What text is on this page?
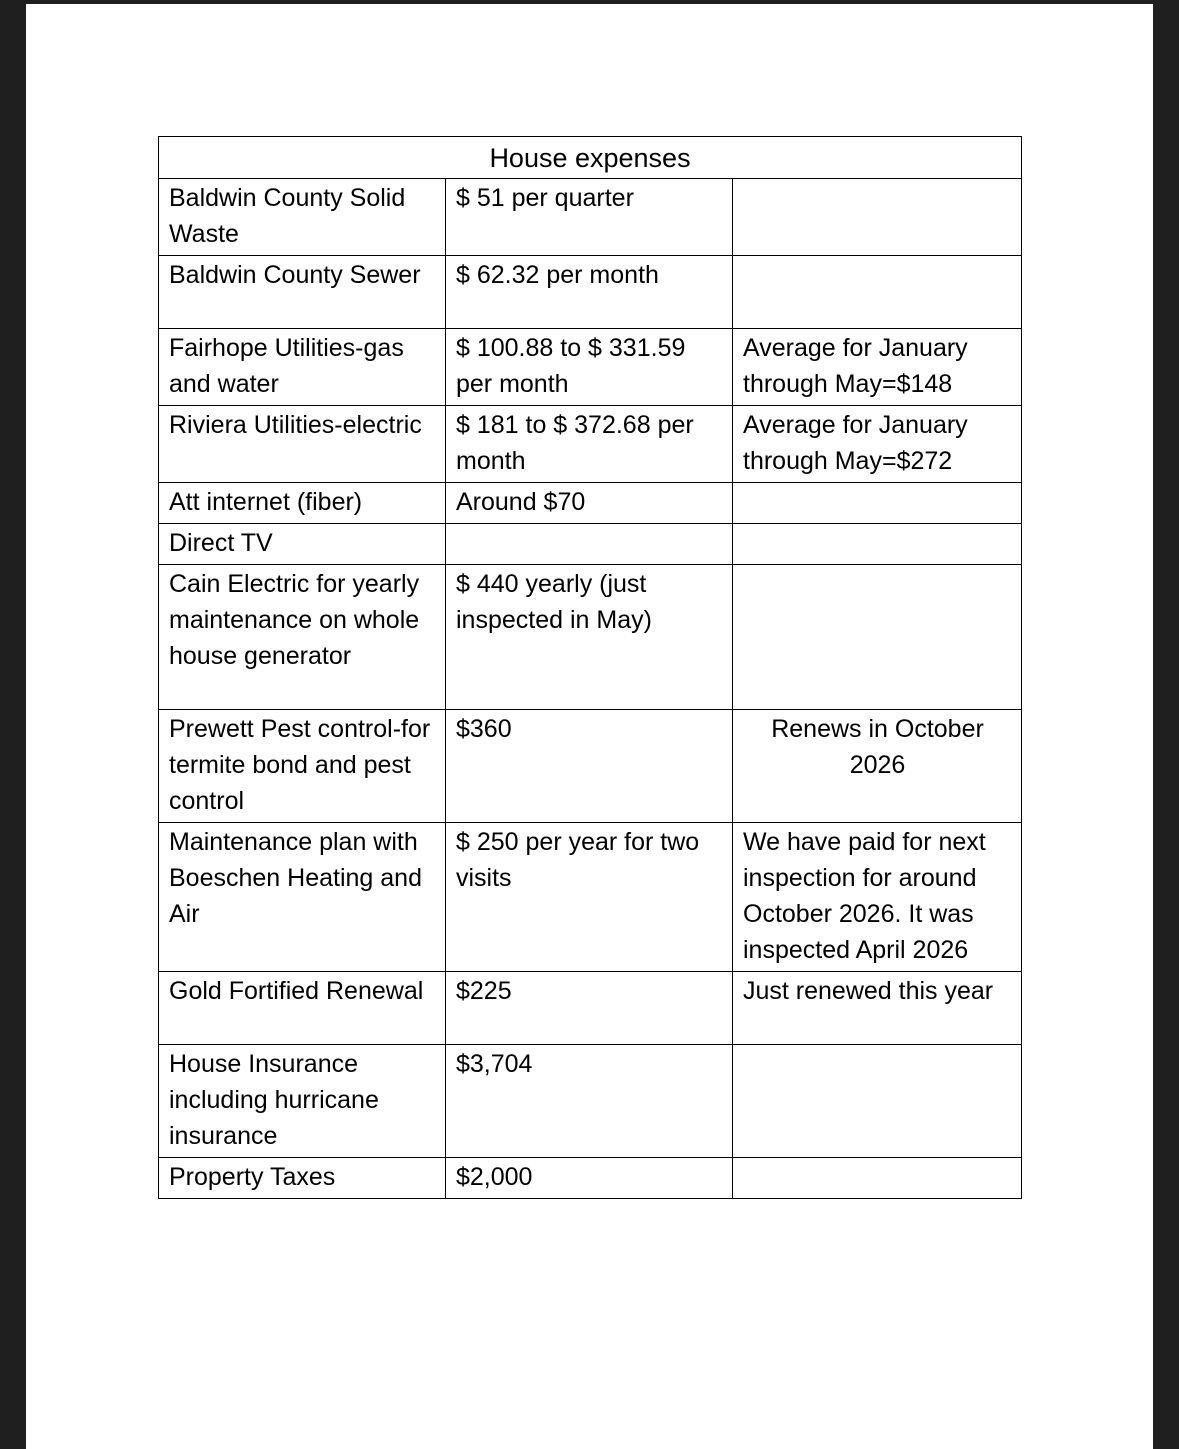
House expenses		
Baldwin County Solid Waste	$ 51 per quarter	
Baldwin County Sewer	$ 62.32 per month	
Fairhope Utilities-gas and water	$ 100.88 to $ 331.59 per month	Average for January through May=$148
Riviera Utilities-electric	$ 181 to $ 372.68 per month	Average for January through May=$272
Att internet (fiber)	Around $70	
Direct TV		
Cain Electric for yearly maintenance on whole house generator	$ 440 yearly (just inspected in May)	
Prewett Pest control-for termite bond and pest control	$360	Renews in October 2026
Maintenance plan with Boeschen Heating and Air	$ 250 per year for two visits	We have paid for next inspection for around October 2026. It was inspected April 2026
Gold Fortified Renewal	$225	Just renewed this year
House Insurance including hurricane insurance	$3,704	
Property Taxes	$2,000	
